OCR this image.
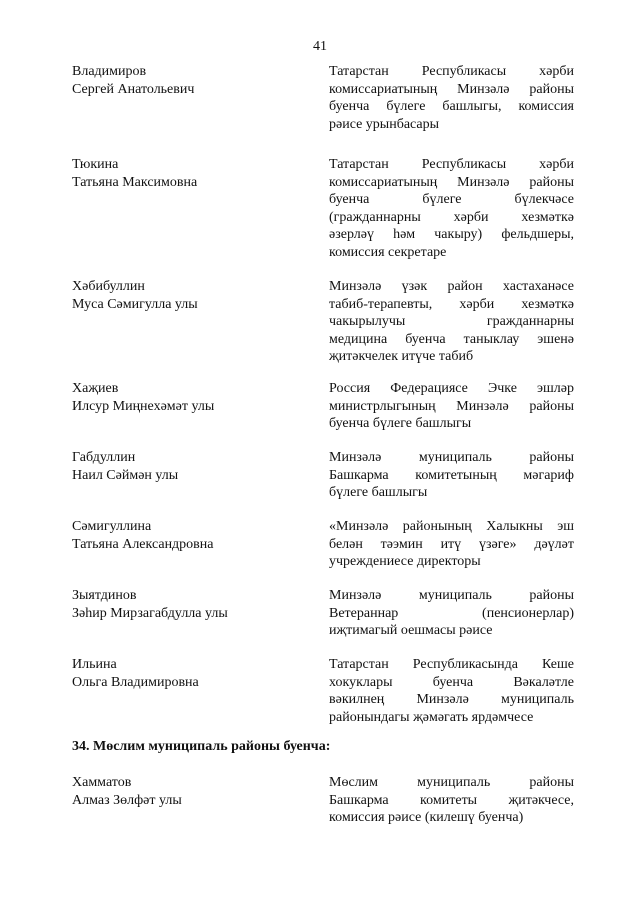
41
Владимиров
Сергей Анатольевич
Татарстан Республикасы хәрби
комиссариатының Минзәлә районы
буенча бүлеге башлыгы, комиссия
рәисе урынбасары
Тюкина
Татьяна Максимовна
Татарстан Республикасы хәрби
комиссариатының Минзәлә районы
буенча бүлеге бүлекчәсе
(гражданнарны хәрби хезмәткә
әзерләү һәм чакыру) фельдшеры,
комиссия секретаре
Хәбибуллин
Муса Сәмигулла улы
Минзәлә үзәк район хастаханәсе
табиб-терапевты, хәрби хезмәткә
чакырылучы гражданнарны
медицина буенча таныклау эшенә
җитәкчелек итүче табиб
Хаҗиев
Илсур Миңнехәмәт улы
Россия Федерациясе Эчке эшләр
министрлыгының Минзәлә районы
буенча бүлеге башлыгы
Габдуллин
Наил Сәймән улы
Минзәлә муниципаль районы
Башкарма комитетының мәгариф
бүлеге башлыгы
Сәмигуллина
Татьяна Александровна
«Минзәлә районының Халыкны эш
белән тәэмин итү үзәге» дәүләт
учреждениесе директоры
Зыятдинов
Зәһир Мирзагабдулла улы
Минзәлә муниципаль районы
Ветераннар (пенсионерлар)
иҗтимагый оешмасы рәисе
Ильина
Ольга Владимировна
Татарстан Республикасында Кеше
хокуклары буенча Вәкаләтле
вәкилнең Минзәлә муниципаль
районындагы җәмәгать ярдәмчесе
34. Мөслим муниципаль районы буенча:
Хамматов
Алмаз Зөлфәт улы
Мөслим муниципаль районы
Башкарма комитеты җитәкчесе,
комиссия рәисе (килешү буенча)
